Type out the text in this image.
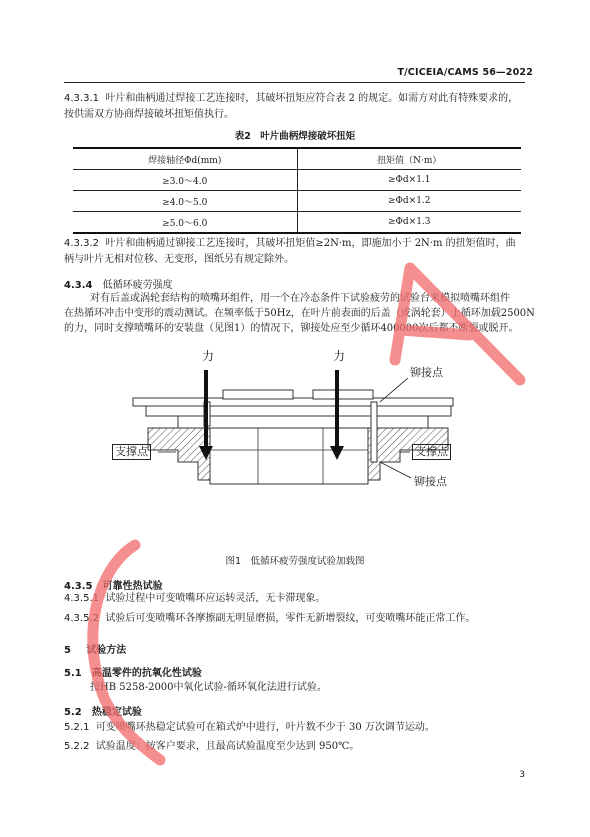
T/CICEIA/CAMS 56—2022
4.3.3.1 叶片和曲柄通过焊接工艺连接时，其破坏扭矩应符合表 2 的规定。如需方对此有特殊要求的，
按供需双方协商焊接破坏扭矩值执行。
表2　叶片曲柄焊接破坏扭矩
焊接轴径Φd(mm)	扭矩值（N·m）
≥3.0～4.0	≥Φd×1.1
≥4.0～5.0	≥Φd×1.2
≥5.0～6.0	≥Φd×1.3
4.3.3.2 叶片和曲柄通过铆接工艺连接时，其破坏扭矩值≥2N·m，即施加小于 2N·m 的扭矩值时，曲
柄与叶片无相对位移、无变形，图纸另有规定除外。
4.3.4 低循环疲劳强度
对有后盖或涡轮套结构的喷嘴环组件，用一个在冷态条件下试验疲劳的试验台来模拟喷嘴环组件
在热循环冲击中变形的震动测试。在频率低于50Hz，在叶片前表面的后盖（或涡轮套）上循环加载2500N
的力，同时支撑喷嘴环的安装盘（见图1）的情况下，铆接处应至少循环400000次后都不断裂或脱开。
力	力
铆接点
铆接点
支撑点	支撑点
图1　低循环疲劳强度试验加载图
4.3.5 可靠性热试验
4.3.5.1 试验过程中可变喷嘴环应运转灵活，无卡滞现象。
4.3.5.2 试验后可变喷嘴环各摩擦副无明显磨损，零件无新增裂纹，可变喷嘴环能正常工作。
5 试验方法
5.1 高温零件的抗氧化性试验
按HB 5258-2000中氧化试验-循环氧化法进行试验。
5.2 热稳定试验
5.2.1 可变喷嘴环热稳定试验可在箱式炉中进行，叶片数不少于 30 万次调节运动。
5.2.2 试验温度：按客户要求，且最高试验温度至少达到 950℃。
3
